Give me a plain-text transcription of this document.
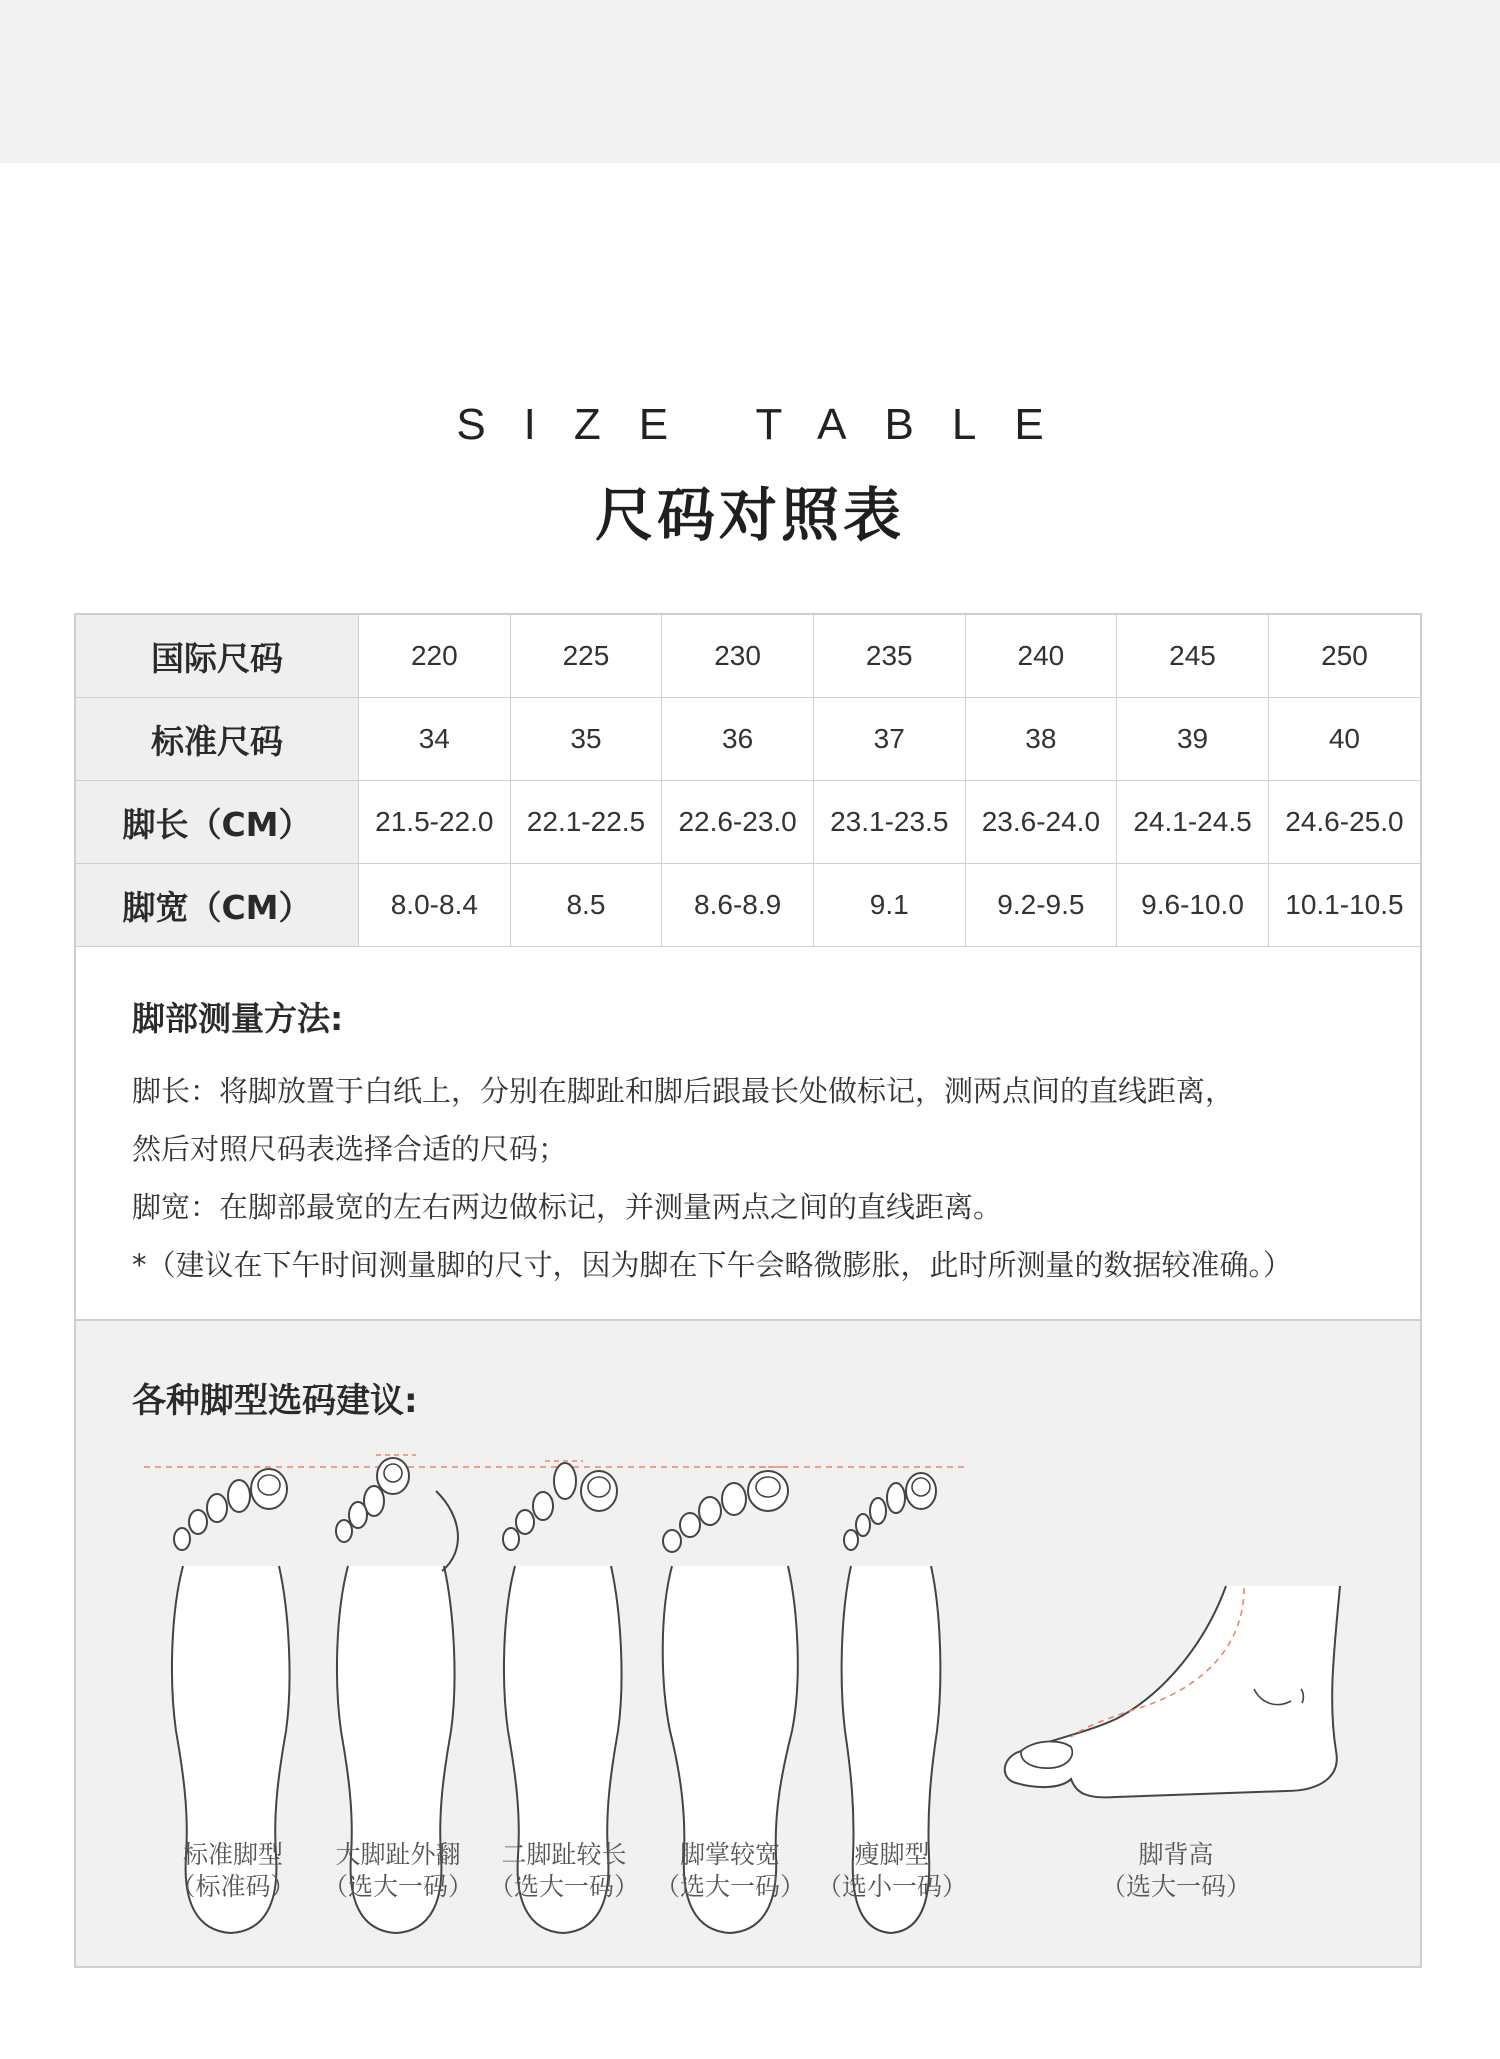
SIZE TABLE
尺码对照表
国际尺码	220	225	230	235	240	245	250
标准尺码	34	35	36	37	38	39	40
脚长（CM）	21.5-22.0	22.1-22.5	22.6-23.0	23.1-23.5	23.6-24.0	24.1-24.5	24.6-25.0
脚宽（CM）	8.0-8.4	8.5	8.6-8.9	9.1	9.2-9.5	9.6-10.0	10.1-10.5
脚部测量方法:
脚长：将脚放置于白纸上，分别在脚趾和脚后跟最长处做标记，测两点间的直线距离，
然后对照尺码表选择合适的尺码；
脚宽：在脚部最宽的左右两边做标记，并测量两点之间的直线距离。
*（建议在下午时间测量脚的尺寸，因为脚在下午会略微膨胀，此时所测量的数据较准确。）
各种脚型选码建议:
标准脚型
（标准码）
大脚趾外翻
（选大一码）
二脚趾较长
（选大一码）
脚掌较宽
（选大一码）
瘦脚型
（选小一码）
脚背高
（选大一码）
